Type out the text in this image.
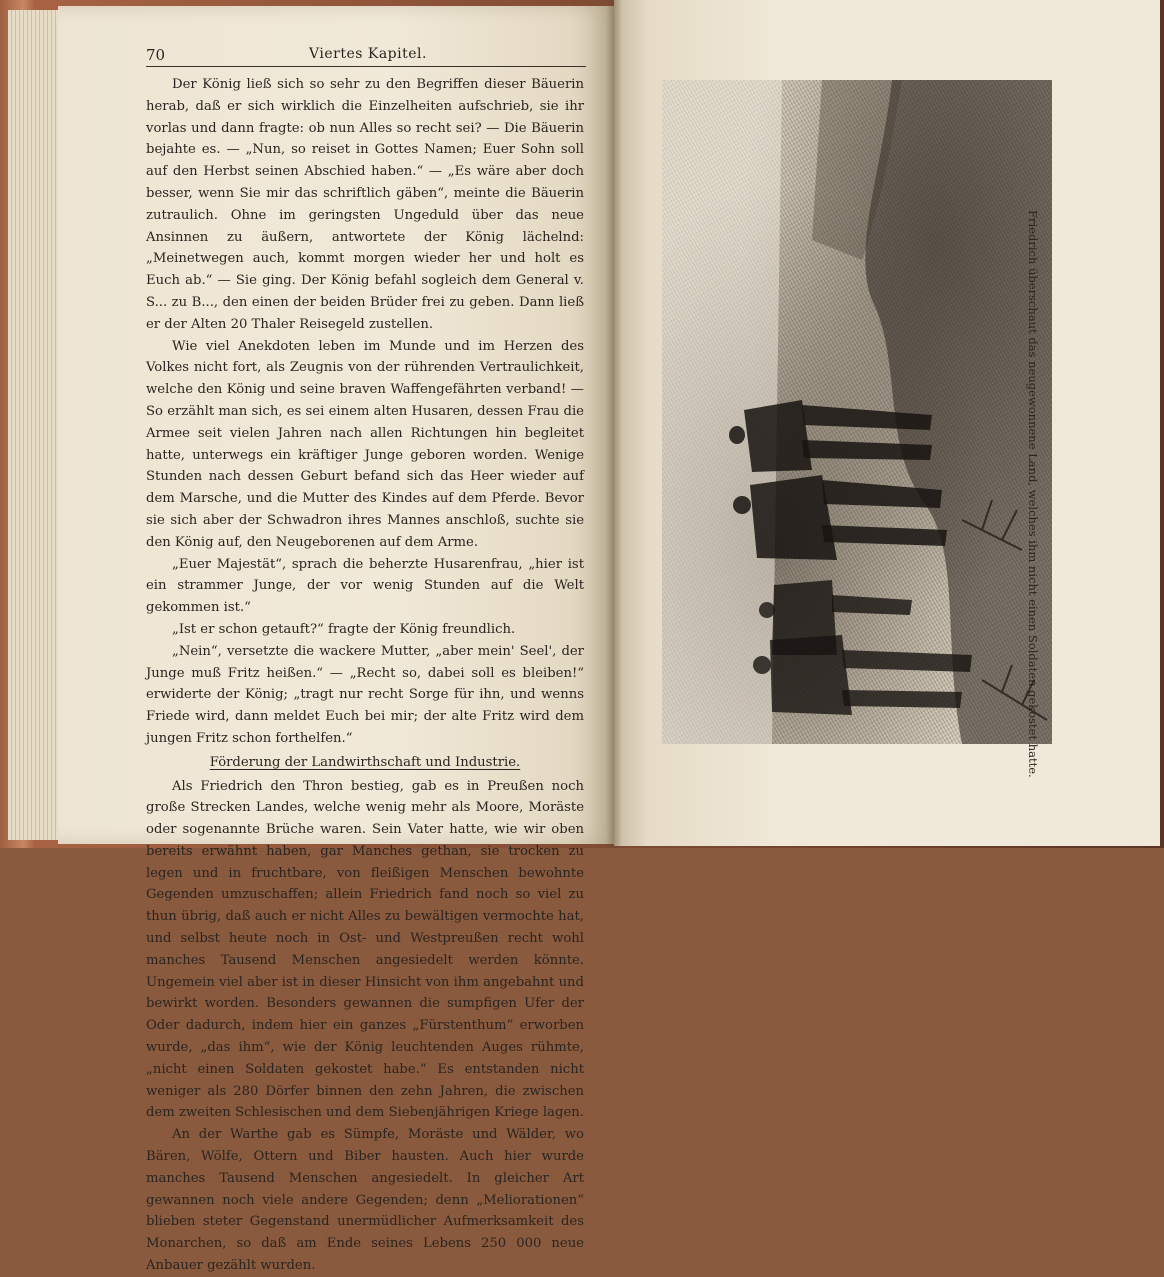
70	Viertes Kapitel.

Der König ließ sich so sehr zu den Begriffen dieser Bäuerin herab, daß er sich wirklich die Einzelheiten aufschrieb, sie ihr vorlas und dann fragte: ob nun Alles so recht sei? — Die Bäuerin bejahte es. — „Nun, so reiset in Gottes Namen; Euer Sohn soll auf den Herbst seinen Abschied haben.“ — „Es wäre aber doch besser, wenn Sie mir das schriftlich gäben“, meinte die Bäuerin zutraulich. Ohne im geringsten Ungeduld über das neue Ansinnen zu äußern, antwortete der König lächelnd: „Meinetwegen auch, kommt morgen wieder her und holt es Euch ab.“ — Sie ging. Der König befahl sogleich dem General v. S... zu B..., den einen der beiden Brüder frei zu geben. Dann ließ er der Alten 20 Thaler Reisegeld zustellen.

Wie viel Anekdoten leben im Munde und im Herzen des Volkes nicht fort, als Zeugnis von der rührenden Vertraulichkeit, welche den König und seine braven Waffengefährten verband! — So erzählt man sich, es sei einem alten Husaren, dessen Frau die Armee seit vielen Jahren nach allen Richtungen hin begleitet hatte, unterwegs ein kräftiger Junge geboren worden. Wenige Stunden nach dessen Geburt befand sich das Heer wieder auf dem Marsche, und die Mutter des Kindes auf dem Pferde. Bevor sie sich aber der Schwadron ihres Mannes anschloß, suchte sie den König auf, den Neugeborenen auf dem Arme.

„Euer Majestät“, sprach die beherzte Husarenfrau, „hier ist ein strammer Junge, der vor wenig Stunden auf die Welt gekommen ist.“

„Ist er schon getauft?“ fragte der König freundlich.

„Nein“, versetzte die wackere Mutter, „aber mein' Seel', der Junge muß Fritz heißen.“ — „Recht so, dabei soll es bleiben!“ erwiderte der König; „tragt nur recht Sorge für ihn, und wenns Friede wird, dann meldet Euch bei mir; der alte Fritz wird dem jungen Fritz schon forthelfen.“

Förderung der Landwirthschaft und Industrie.

Als Friedrich den Thron bestieg, gab es in Preußen noch große Strecken Landes, welche wenig mehr als Moore, Moräste oder sogenannte Brüche waren. Sein Vater hatte, wie wir oben bereits erwähnt haben, gar Manches gethan, sie trocken zu legen und in fruchtbare, von fleißigen Menschen bewohnte Gegenden umzuschaffen; allein Friedrich fand noch so viel zu thun übrig, daß auch er nicht Alles zu bewältigen vermochte hat, und selbst heute noch in Ost- und Westpreußen recht wohl manches Tausend Menschen angesiedelt werden könnte. Ungemein viel aber ist in dieser Hinsicht von ihm angebahnt und bewirkt worden. Besonders gewannen die sumpfigen Ufer der Oder dadurch, indem hier ein ganzes „Fürstenthum“ erworben wurde, „das ihm“, wie der König leuchtenden Auges rühmte, „nicht einen Soldaten gekostet habe.“ Es entstanden nicht weniger als 280 Dörfer binnen den zehn Jahren, die zwischen dem zweiten Schlesischen und dem Siebenjährigen Kriege lagen.

An der Warthe gab es Sümpfe, Moräste und Wälder, wo Bären, Wölfe, Ottern und Biber hausten. Auch hier wurde manches Tausend Menschen angesiedelt. In gleicher Art gewannen noch viele andere Gegenden; denn „Meliorationen“ blieben steter Gegenstand unermüdlicher Aufmerksamkeit des Monarchen, so daß am Ende seines Lebens 250 000 neue Anbauer gezählt wurden.

Friedrich überschaut das neugewonnene Land, welches ihm nicht einen Soldaten gekostet hatte.
